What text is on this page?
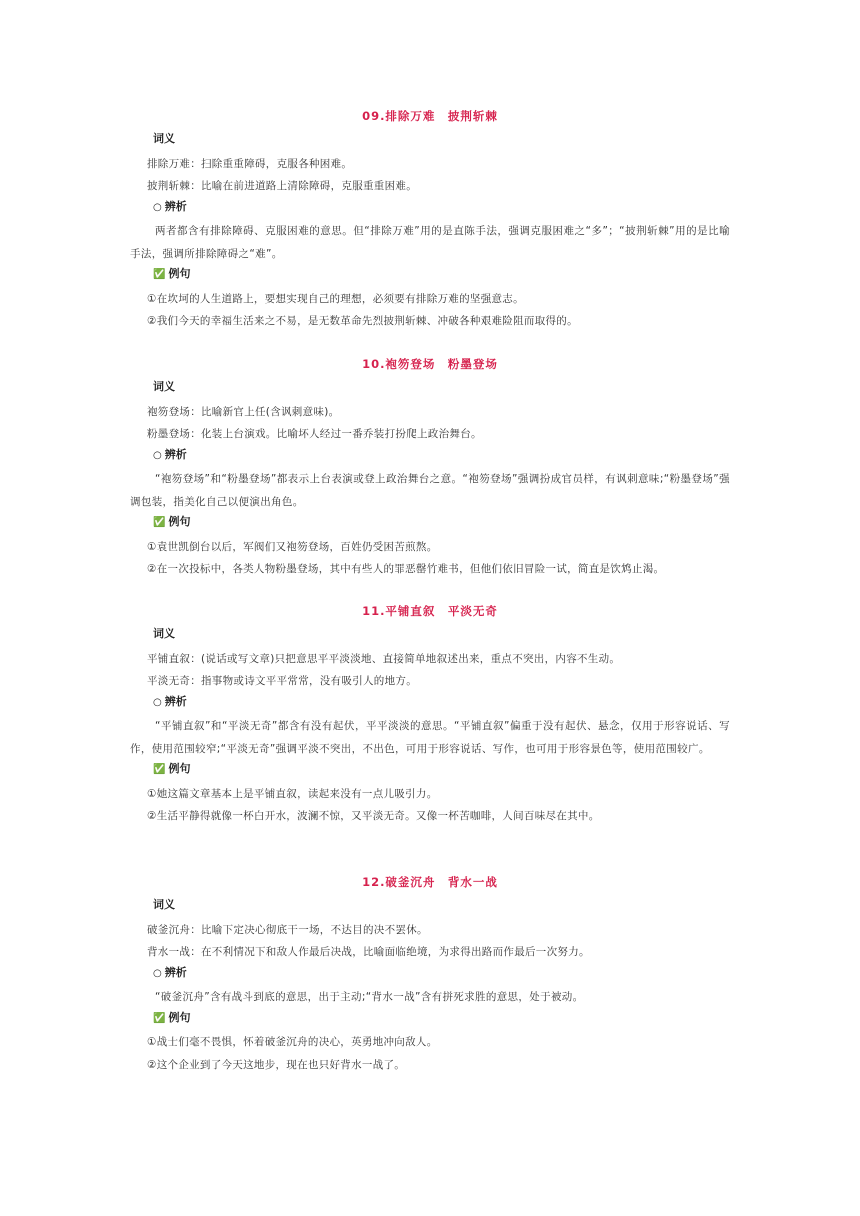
09.排除万难　披荆斩棘
词义
排除万难：扫除重重障碍，克服各种困难。
披荆斩棘：比喻在前进道路上清除障碍，克服重重困难。
○ 辨析

两者都含有排除障碍、克服困难的意思。但“排除万难”用的是直陈手法，强调克服困难之“多”；“披荆斩棘”用的是比喻手法，强调所排除障碍之“难”。

✅ 例句
①在坎坷的人生道路上，要想实现自己的理想，必须要有排除万难的坚强意志。
②我们今天的幸福生活来之不易，是无数革命先烈披荆斩棘、冲破各种艰难险阻而取得的。
10.袍笏登场　粉墨登场
词义
袍笏登场：比喻新官上任(含讽刺意味)。
粉墨登场：化装上台演戏。比喻坏人经过一番乔装打扮爬上政治舞台。
○ 辨析

“袍笏登场”和“粉墨登场”都表示上台表演或登上政治舞台之意。“袍笏登场”强调扮成官员样，有讽刺意味;“粉墨登场”强调包装，指美化自己以便演出角色。

✅ 例句
①袁世凯倒台以后，军阀们又袍笏登场，百姓仍受困苦煎熬。
②在一次投标中，各类人物粉墨登场，其中有些人的罪恶罄竹难书，但他们依旧冒险一试，简直是饮鸩止渴。
11.平铺直叙　平淡无奇
词义
平铺直叙：(说话或写文章)只把意思平平淡淡地、直接简单地叙述出来，重点不突出，内容不生动。
平淡无奇：指事物或诗文平平常常，没有吸引人的地方。
○ 辨析

“平铺直叙”和“平淡无奇”都含有没有起伏，平平淡淡的意思。“平铺直叙”偏重于没有起伏、悬念，仅用于形容说话、写作，使用范围较窄;“平淡无奇”强调平淡不突出，不出色，可用于形容说话、写作，也可用于形容景色等，使用范围较广。

✅ 例句
①她这篇文章基本上是平铺直叙，读起来没有一点儿吸引力。
②生活平静得就像一杯白开水，波澜不惊，又平淡无奇。又像一杯苦咖啡，人间百味尽在其中。
12.破釜沉舟　背水一战
词义
破釜沉舟：比喻下定决心彻底干一场，不达目的决不罢休。
背水一战：在不利情况下和敌人作最后决战，比喻面临绝境，为求得出路而作最后一次努力。
○ 辨析

“破釜沉舟”含有战斗到底的意思，出于主动;“背水一战”含有拼死求胜的意思，处于被动。

✅ 例句
①战士们毫不畏惧，怀着破釜沉舟的决心，英勇地冲向敌人。
②这个企业到了今天这地步，现在也只好背水一战了。
